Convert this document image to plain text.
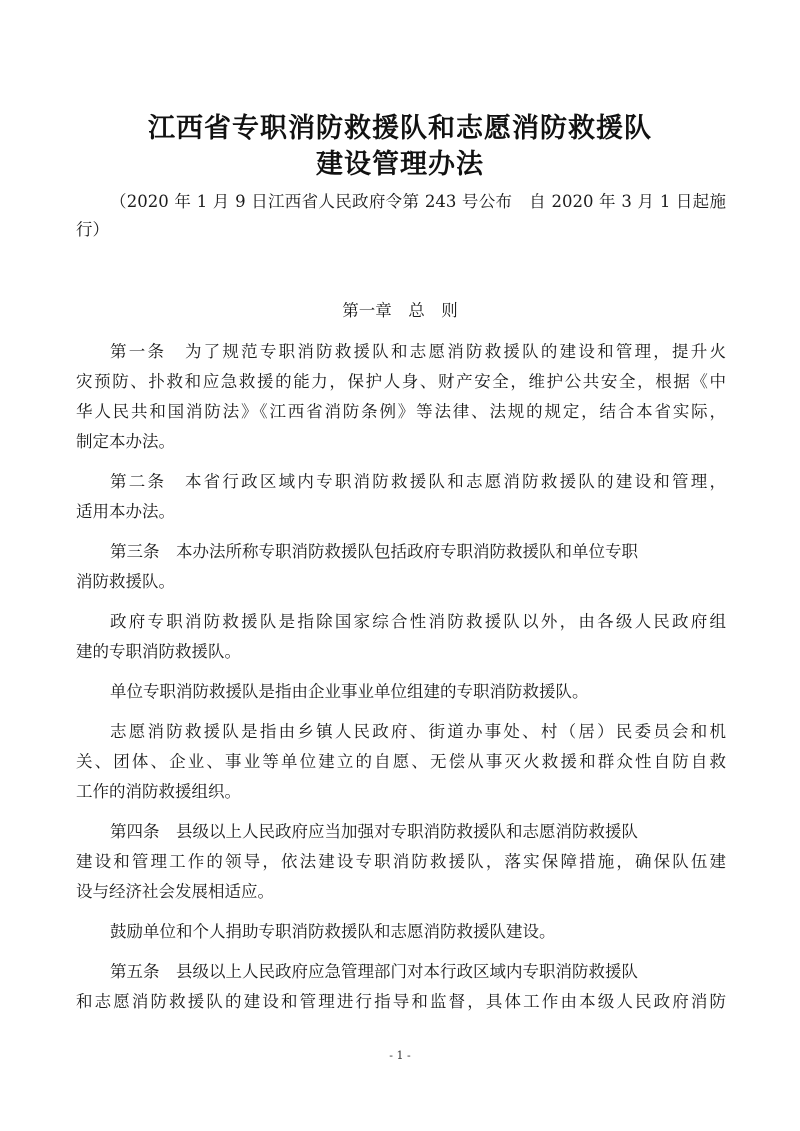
江西省专职消防救援队和志愿消防救援队
建设管理办法
（2020 年 1 月 9 日江西省人民政府令第 243 号公布　自 2020 年 3 月 1 日起施
行）
第一章　总　则
第一条　为了规范专职消防救援队和志愿消防救援队的建设和管理，提升火
灾预防、扑救和应急救援的能力，保护人身、财产安全，维护公共安全，根据《中
华人民共和国消防法》《江西省消防条例》等法律、法规的规定，结合本省实际，
制定本办法。
第二条　本省行政区域内专职消防救援队和志愿消防救援队的建设和管理，
适用本办法。
第三条　本办法所称专职消防救援队包括政府专职消防救援队和单位专职
消防救援队。
政府专职消防救援队是指除国家综合性消防救援队以外，由各级人民政府组
建的专职消防救援队。
单位专职消防救援队是指由企业事业单位组建的专职消防救援队。
志愿消防救援队是指由乡镇人民政府、街道办事处、村（居）民委员会和机
关、团体、企业、事业等单位建立的自愿、无偿从事灭火救援和群众性自防自救
工作的消防救援组织。
第四条　县级以上人民政府应当加强对专职消防救援队和志愿消防救援队
建设和管理工作的领导，依法建设专职消防救援队，落实保障措施，确保队伍建
设与经济社会发展相适应。
鼓励单位和个人捐助专职消防救援队和志愿消防救援队建设。
第五条　县级以上人民政府应急管理部门对本行政区域内专职消防救援队
和志愿消防救援队的建设和管理进行指导和监督，具体工作由本级人民政府消防
- 1 -
